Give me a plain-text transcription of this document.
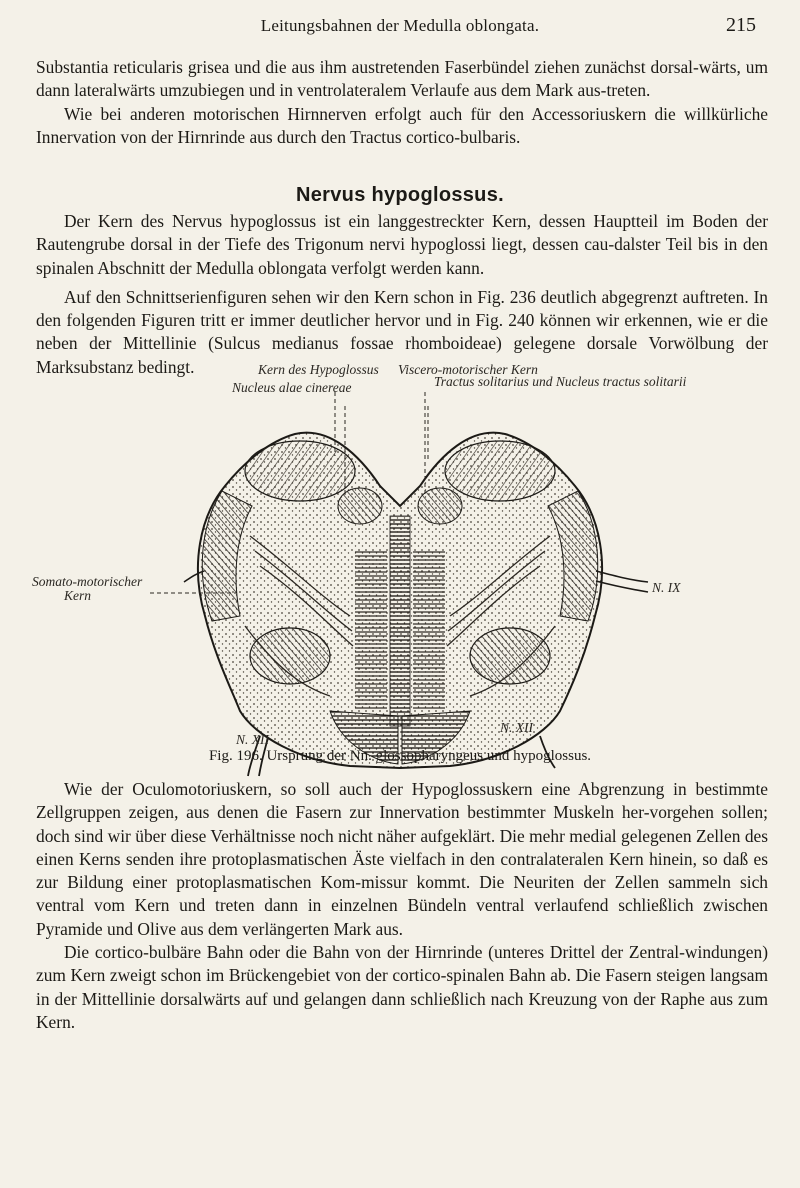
Leitungsbahnen der Medulla oblongata.	215

Substantia reticularis grisea und die aus ihm austretenden Faserbündel ziehen zunächst dorsal-wärts, um dann lateralwärts umzubiegen und in ventrolateralem Verlaufe aus dem Mark aus-treten.

Wie bei anderen motorischen Hirnnerven erfolgt auch für den Accessoriuskern die willkürliche Innervation von der Hirnrinde aus durch den Tractus cortico-bulbaris.

Nervus hypoglossus.

Der Kern des Nervus hypoglossus ist ein langgestreckter Kern, dessen Hauptteil im Boden der Rautengrube dorsal in der Tiefe des Trigonum nervi hypoglossi liegt, dessen cau-dalster Teil bis in den spinalen Abschnitt der Medulla oblongata verfolgt werden kann.

Auf den Schnittserienfiguren sehen wir den Kern schon in Fig. 236 deutlich abgegrenzt auftreten. In den folgenden Figuren tritt er immer deutlicher hervor und in Fig. 240 können wir erkennen, wie er die neben der Mittellinie (Sulcus medianus fossae rhomboideae) gelegene dorsale Vorwölbung der Marksubstanz bedingt.	Kern des Hypoglossus Viscero-motorischer Kern
Nucleus alae cinereae	Tractus solitarius und Nucleus tractus solitarii
Somato-motorischer
Kern
N. IX
N. XII
N. XII
Fig. 196. Ursprung der Nn. glossopharyngeus und hypoglossus.

Wie der Oculomotoriuskern, so soll auch der Hypoglossuskern eine Abgrenzung in bestimmte Zellgruppen zeigen, aus denen die Fasern zur Innervation bestimmter Muskeln her-vorgehen sollen; doch sind wir über diese Verhältnisse noch nicht näher aufgeklärt. Die mehr medial gelegenen Zellen des einen Kerns senden ihre protoplasmatischen Äste vielfach in den contralateralen Kern hinein, so daß es zur Bildung einer protoplasmatischen Kom-missur kommt. Die Neuriten der Zellen sammeln sich ventral vom Kern und treten dann in einzelnen Bündeln ventral verlaufend schließlich zwischen Pyramide und Olive aus dem verlängerten Mark aus.

Die cortico-bulbäre Bahn oder die Bahn von der Hirnrinde (unteres Drittel der Zentral-windungen) zum Kern zweigt schon im Brückengebiet von der cortico-spinalen Bahn ab. Die Fasern steigen langsam in der Mittellinie dorsalwärts auf und gelangen dann schließlich nach Kreuzung von der Raphe aus zum Kern.
